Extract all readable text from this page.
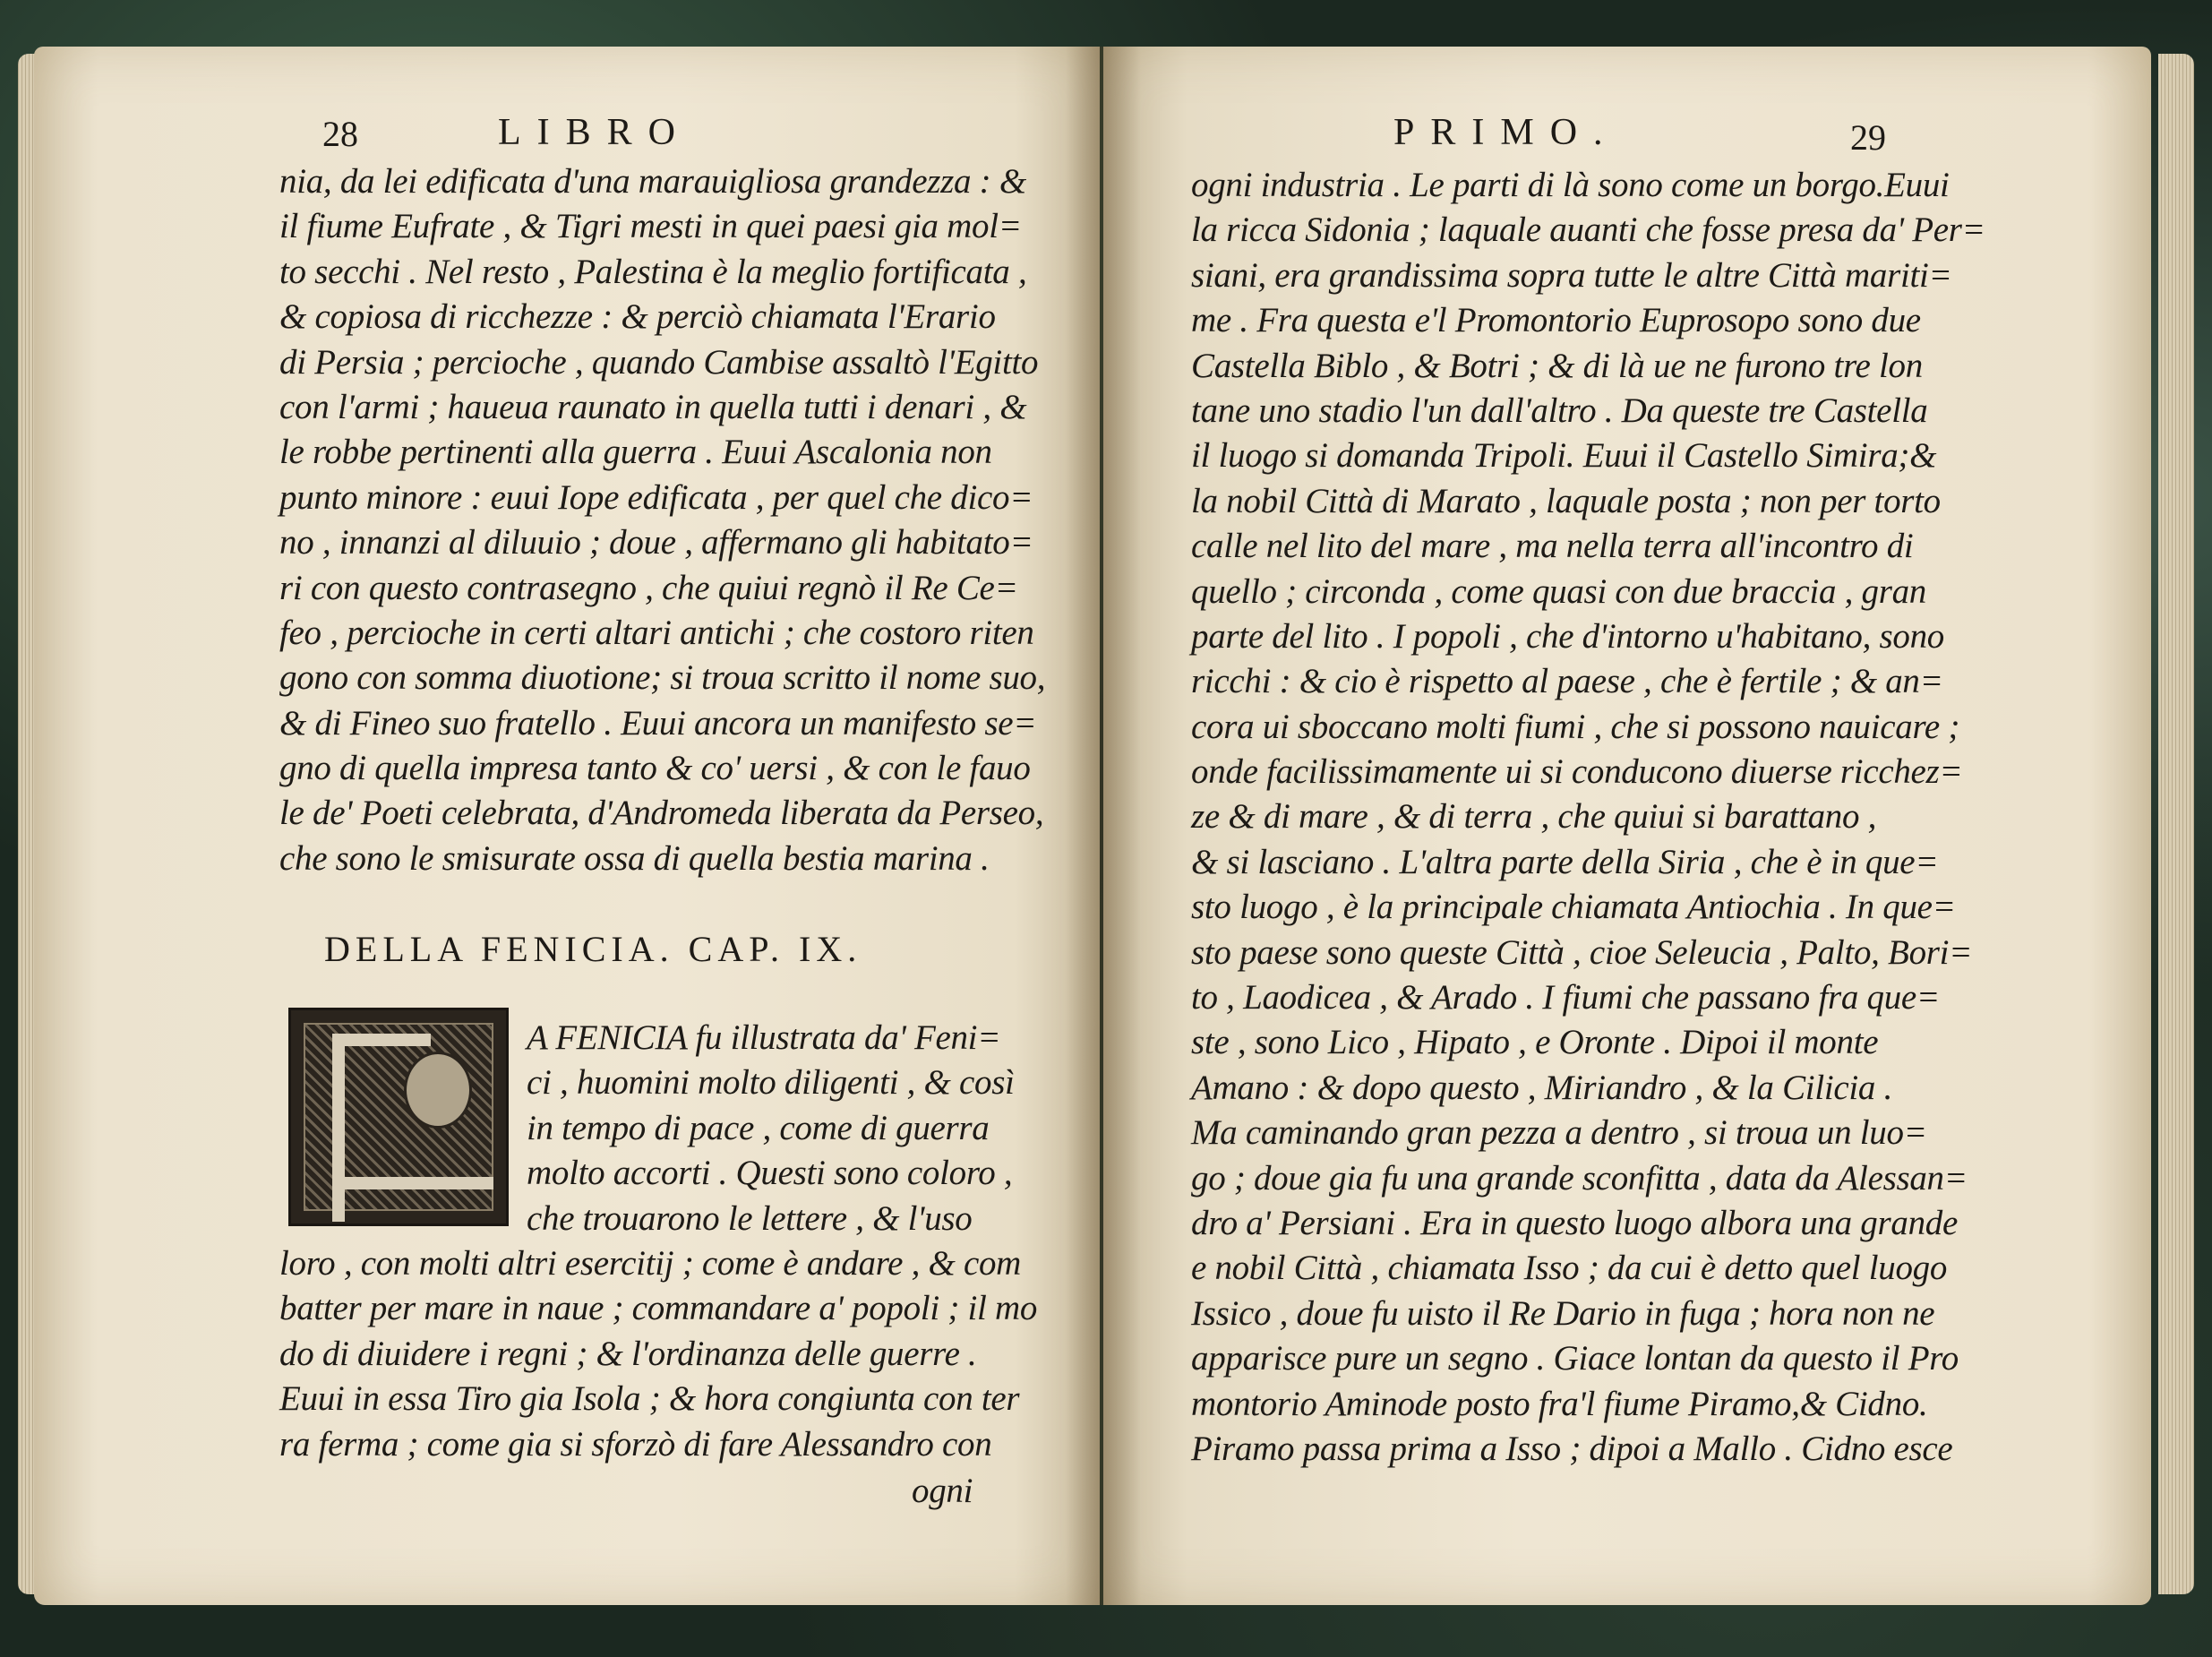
28	LIBRO
nia, da lei edificata d'una marauigliosa grandezza : &
il fiume Eufrate , & Tigri mesti in quei paesi gia mol=
to secchi . Nel resto , Palestina è la meglio fortificata ,
& copiosa di ricchezze : & perciò chiamata l'Erario
di Persia ; percioche , quando Cambise assaltò l'Egitto
con l'armi ; haueua raunato in quella tutti i denari , &
le robbe pertinenti alla guerra . Euui Ascalonia non
punto minore : euui Iope edificata , per quel che dico=
no , innanzi al diluuio ; doue , affermano gli habitato=
ri con questo contrasegno , che quiui regnò il Re Ce=
feo , percioche in certi altari antichi ; che costoro riten
gono con somma diuotione; si troua scritto il nome suo,
& di Fineo suo fratello . Euui ancora un manifesto se=
gno di quella impresa tanto & co' uersi , & con le fauo
le de' Poeti celebrata, d'Andromeda liberata da Perseo,
che sono le smisurate ossa di quella bestia marina .
DELLA FENICIA. CAP. IX.
A FENICIA fu illustrata da' Feni=
ci , huomini molto diligenti , & così
in tempo di pace , come di guerra
molto accorti . Questi sono coloro ,
che trouarono le lettere , & l'uso
loro , con molti altri esercitij ; come è andare , & com
batter per mare in naue ; commandare a' popoli ; il mo
do di diuidere i regni ; & l'ordinanza delle guerre .
Euui in essa Tiro gia Isola ; & hora congiunta con ter
ra ferma ; come gia si sforzò di fare Alessandro con
ogni
PRIMO.	29
ogni industria . Le parti di là sono come un borgo.Euui
la ricca Sidonia ; laquale auanti che fosse presa da' Per=
siani, era grandissima sopra tutte le altre Città mariti=
me . Fra questa e'l Promontorio Euprosopo sono due
Castella Biblo , & Botri ; & di là ue ne furono tre lon
tane uno stadio l'un dall'altro . Da queste tre Castella
il luogo si domanda Tripoli. Euui il Castello Simira;&
la nobil Città di Marato , laquale posta ; non per torto
calle nel lito del mare , ma nella terra all'incontro di
quello ; circonda , come quasi con due braccia , gran
parte del lito . I popoli , che d'intorno u'habitano, sono
ricchi : & cio è rispetto al paese , che è fertile ; & an=
cora ui sboccano molti fiumi , che si possono nauicare ;
onde facilissimamente ui si conducono diuerse ricchez=
ze & di mare , & di terra , che quiui si barattano ,
& si lasciano . L'altra parte della Siria , che è in que=
sto luogo , è la principale chiamata Antiochia . In que=
sto paese sono queste Città , cioe Seleucia , Palto, Bori=
to , Laodicea , & Arado . I fiumi che passano fra que=
ste , sono Lico , Hipato , e Oronte . Dipoi il monte
Amano : & dopo questo , Miriandro , & la Cilicia .
Ma caminando gran pezza a dentro , si troua un luo=
go ; doue gia fu una grande sconfitta , data da Alessan=
dro a' Persiani . Era in questo luogo albora una grande
e nobil Città , chiamata Isso ; da cui è detto quel luogo
Issico , doue fu uisto il Re Dario in fuga ; hora non ne
apparisce pure un segno . Giace lontan da questo il Pro
montorio Aminode posto fra'l fiume Piramo,& Cidno.
Piramo passa prima a Isso ; dipoi a Mallo . Cidno esce
